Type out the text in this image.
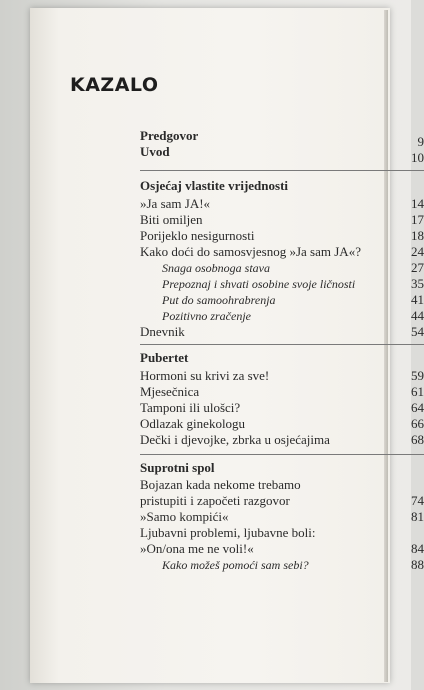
KAZALO
Predgovor	9
Uvod	10
Osjećaj vlastite vrijednosti
»Ja sam JA!«	14
Biti omiljen	17
Porijeklo nesigurnosti	18
Kako doći do samosvjesnog »Ja sam JA«?	24
Snaga osobnoga stava	27
Prepoznaj i shvati osobine svoje ličnosti	35
Put do samoohrabrenja	41
Pozitivno zračenje	44
Dnevnik	54
Pubertet
Hormoni su krivi za sve!	59
Mjesečnica	61
Tamponi ili ulošci?	64
Odlazak ginekologu	66
Dečki i djevojke, zbrka u osjećajima	68
Suprotni spol
Bojazan kada nekome trebamo
pristupiti i započeti razgovor	74
»Samo kompići«	81
Ljubavni problemi, ljubavne boli:
»On/ona me ne voli!«	84
Kako možeš pomoći sam sebi?	88
